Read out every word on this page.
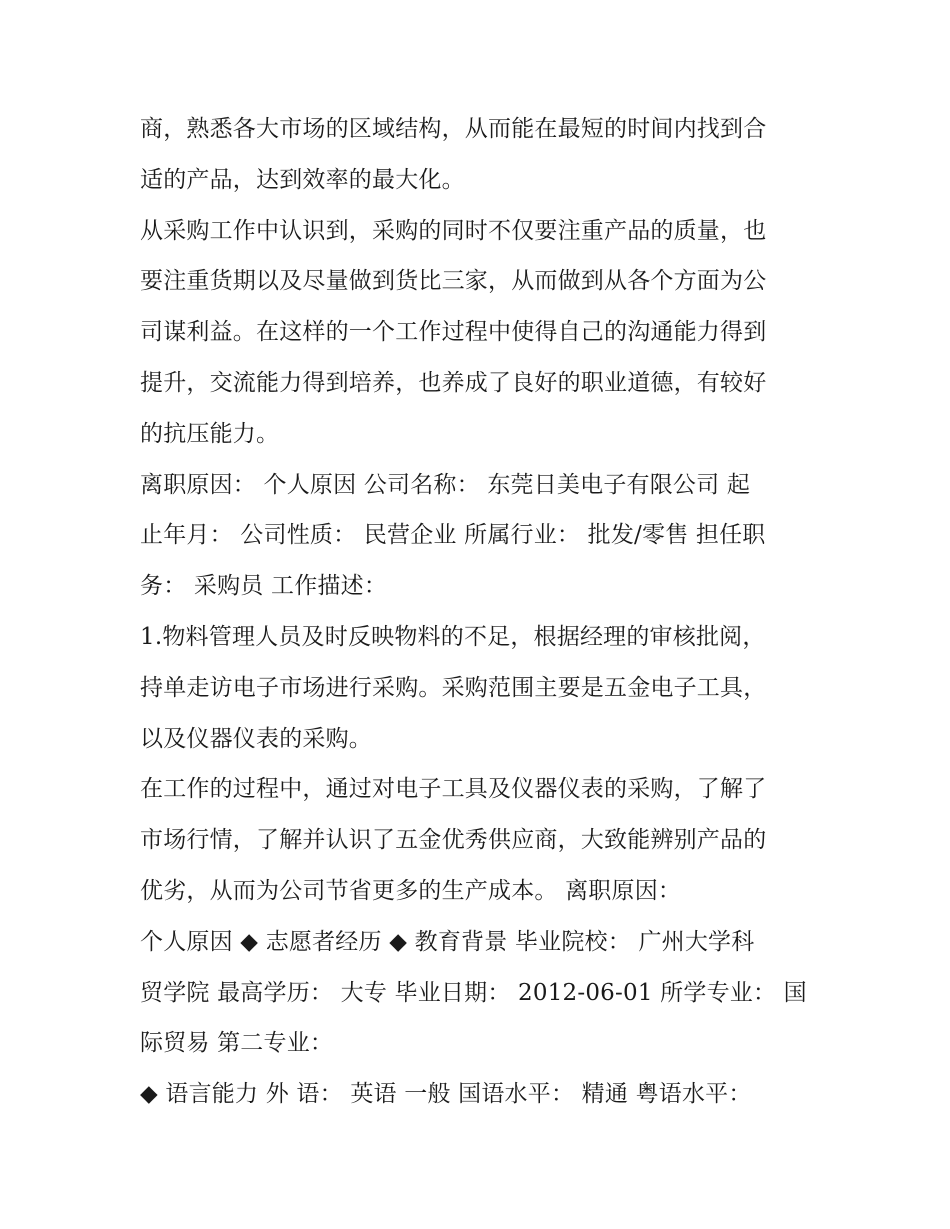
商，熟悉各大市场的区域结构，从而能在最短的时间内找到合
适的产品，达到效率的最大化。
从采购工作中认识到，采购的同时不仅要注重产品的质量，也
要注重货期以及尽量做到货比三家，从而做到从各个方面为公
司谋利益。在这样的一个工作过程中使得自己的沟通能力得到
提升，交流能力得到培养，也养成了良好的职业道德，有较好
的抗压能力。
离职原因： 个人原因 公司名称： 东莞日美电子有限公司 起
止年月： 公司性质： 民营企业 所属行业： 批发/零售 担任职
务： 采购员 工作描述：
1.物料管理人员及时反映物料的不足，根据经理的审核批阅，
持单走访电子市场进行采购。采购范围主要是五金电子工具，
以及仪器仪表的采购。
在工作的过程中，通过对电子工具及仪器仪表的采购，了解了
市场行情，了解并认识了五金优秀供应商，大致能辨别产品的
优劣，从而为公司节省更多的生产成本。 离职原因：
个人原因 ◆ 志愿者经历 ◆ 教育背景 毕业院校： 广州大学科
贸学院 最高学历： 大专 毕业日期： 2012-06-01 所学专业： 国
际贸易 第二专业：
◆ 语言能力 外 语： 英语 一般 国语水平： 精通 粤语水平：
